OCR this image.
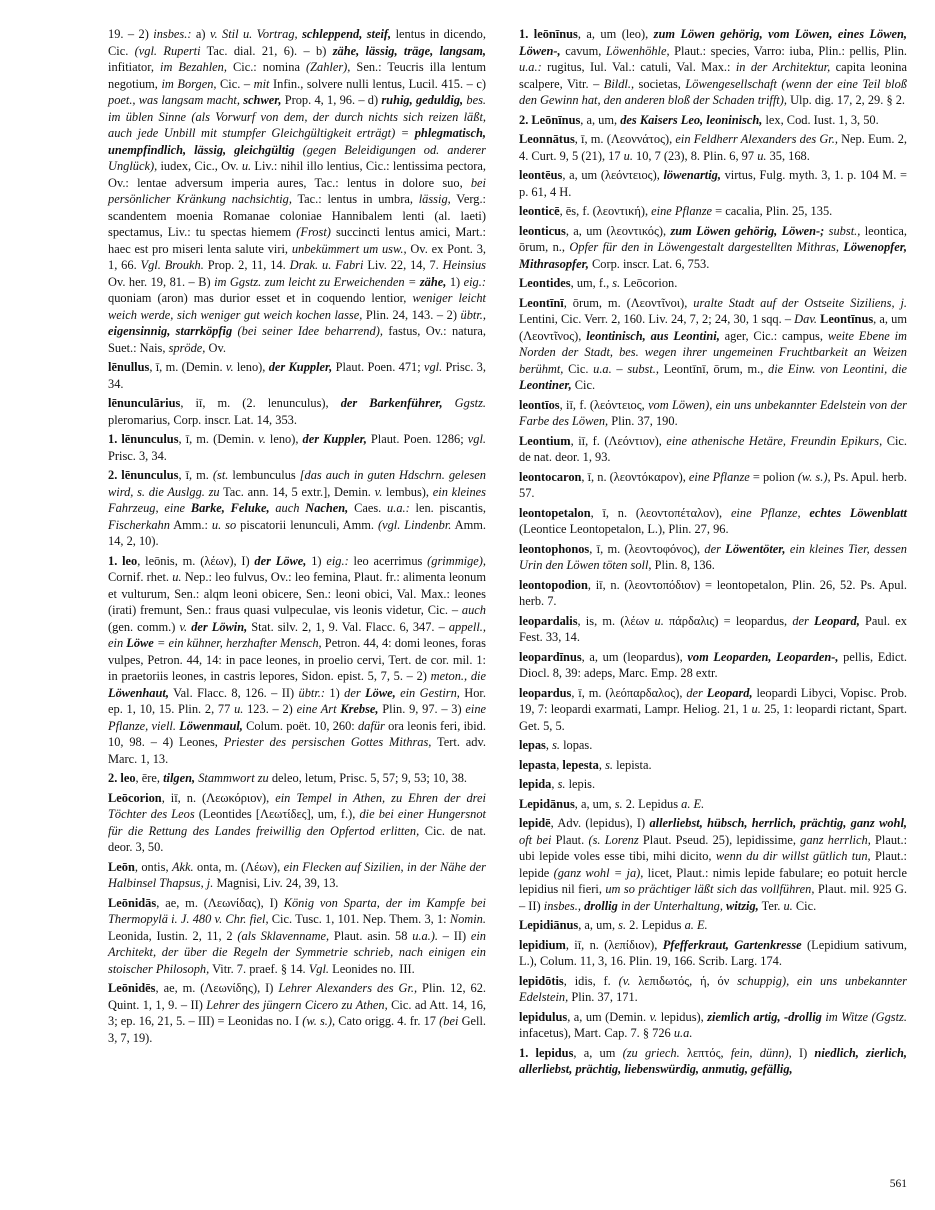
19. – 2) insbes.: a) v. Stil u. Vortrag, schleppend, steif, lentus in dicendo, Cic. (vgl. Ruperti Tac. dial. 21, 6). – b) zähe, lässig, träge, langsam, infitiator, im Bezahlen, Cic.: nomina (Zahler), Sen.: Teucris illa lentum negotium, im Borgen, Cic. – mit Infin., solvere nulli lentus, Lucil. 415. – c) poet., was langsam macht, schwer, Prop. 4, 1, 96. – d) ruhig, geduldig, bes. im üblen Sinne (als Vorwurf von dem, der durch nichts sich reizen läßt, auch jede Unbill mit stumpfer Gleichgültigkeit erträgt) = phlegmatisch, unempfindlich, lässig, gleichgültig (gegen Beleidigungen od. anderer Unglück), iudex, Cic., Ov. u. Liv.: nihil illo lentius, Cic.: lentissima pectora, Ov.: lentae adversum imperia aures, Tac.: lentus in dolore suo, bei persönlicher Kränkung nachsichtig, Tac.: lentus in umbra, lässig, Verg.: scandentem moenia Romanae coloniae Hannibalem lenti (al. laeti) spectamus, Liv.: tu spectas hiemem (Frost) succincti lentus amici, Mart.: haec est pro miseri lenta salute viri, unbekümmert um usw., Ov. ex Pont. 3, 1, 66. Vgl. Broukh. Prop. 2, 11, 14. Drak. u. Fabri Liv. 22, 14, 7. Heinsius Ov. her. 19, 81. – B) im Ggstz. zum leicht zu Erweichenden = zähe, 1) eig.: quoniam (aron) mas durior esset et in coquendo lentior, weniger leicht weich werde, sich weniger gut weich kochen lasse, Plin. 24, 143. – 2) übtr., eigensinnig, starrköpfig (bei seiner Idee beharrend), fastus, Ov.: natura, Suet.: Nais, spröde, Ov.
lēnullus, ī, m. (Demin. v. leno), der Kuppler, Plaut. Poen. 471; vgl. Prisc. 3, 34.
lēnunculārius, iī, m. (2. lenunculus), der Barkenführer, Ggstz. pleromarius, Corp. inscr. Lat. 14, 353.
1. lēnunculus, ī, m. (Demin. v. leno), der Kuppler, Plaut. Poen. 1286; vgl. Prisc. 3, 34.
2. lēnunculus, ī, m. (st. lembunculus [das auch in guten Hdschrn. gelesen wird, s. die Auslgg. zu Tac. ann. 14, 5 extr.], Demin. v. lembus), ein kleines Fahrzeug, eine Barke, Feluke, auch Nachen, Caes. u.a.: len. piscantis, Fischerkahn Amm.: u. so piscatorii lenunculi, Amm. (vgl. Lindenbr. Amm. 14, 2, 10).
1. leo, leōnis, m. (λέων), I) der Löwe, 1) eig.: leo acerrimus (grimmige), Cornif. rhet. u. Nep.: leo fulvus, Ov.: leo femina, Plaut. fr.: alimenta leonum et vulturum, Sen.: alqm leoni obicere, Sen.: leoni obici, Val. Max.: leones (irati) fremunt, Sen.: fraus quasi vulpeculae, vis leonis videtur, Cic. – auch (gen. comm.) v. der Löwin, Stat. silv. 2, 1, 9. Val. Flacc. 6, 347. – appell., ein Löwe = ein kühner, herzhafter Mensch, Petron. 44, 4: domi leones, foras vulpes, Petron. 44, 14: in pace leones, in proelio cervi, Tert. de cor. mil. 1: in praetoriis leones, in castris lepores, Sidon. epist. 5, 7, 5. – 2) meton., die Löwenhaut, Val. Flacc. 8, 126. – II) übtr.: 1) der Löwe, ein Gestirn, Hor. ep. 1, 10, 15. Plin. 2, 77 u. 123. – 2) eine Art Krebse, Plin. 9, 97. – 3) eine Pflanze, viell. Löwenmaul, Colum. poët. 10, 260: dafür ora leonis feri, ibid. 10, 98. – 4) Leones, Priester des persischen Gottes Mithras, Tert. adv. Marc. 1, 13.
2. leo, ēre, tilgen, Stammwort zu deleo, letum, Prisc. 5, 57; 9, 53; 10, 38.
Leōcorion, iī, n. (Λεωκόριον), ein Tempel in Athen, zu Ehren der drei Töchter des Leos (Leontides [Λεωτίδες], um, f.), die bei einer Hungersnot für die Rettung des Landes freiwillig den Opfertod erlitten, Cic. de nat. deor. 3, 50.
Leōn, ontis, Akk. onta, m. (Λέων), ein Flecken auf Sizilien, in der Nähe der Halbinsel Thapsus, j. Magnisi, Liv. 24, 39, 13.
Leōnidās, ae, m. (Λεωνίδας), I) König von Sparta, der im Kampfe bei Thermopylä i. J. 480 v. Chr. fiel, Cic. Tusc. 1, 101. Nep. Them. 3, 1: Nomin. Leonida, Iustin. 2, 11, 2 (als Sklavenname, Plaut. asin. 58 u.a.). – II) ein Architekt, der über die Regeln der Symmetrie schrieb, nach einigen ein stoischer Philosoph, Vitr. 7. praef. § 14. Vgl. Leonides no. III.
Leōnidēs, ae, m. (Λεωνίδης), I) Lehrer Alexanders des Gr., Plin. 12, 62. Quint. 1, 1, 9. – II) Lehrer des jüngern Cicero zu Athen, Cic. ad Att. 14, 16, 3; ep. 16, 21, 5. – III) = Leonidas no. I (w. s.), Cato origg. 4. fr. 17 (bei Gell. 3, 7, 19).
1. leōnīnus, a, um (leo), zum Löwen gehörig, vom Löwen, eines Löwen, Löwen-, cavum, Löwenhöhle, Plaut.: species, Varro: iuba, Plin.: pellis, Plin. u.a.: rugitus, Iul. Val.: catuli, Val. Max.: in der Architektur, capita leonina scalpere, Vitr. – Bildl., societas, Löwengesellschaft (wenn der eine Teil bloß den Gewinn hat, den anderen bloß der Schaden trifft), Ulp. dig. 17, 2, 29. § 2.
2. Leōnīnus, a, um, des Kaisers Leo, leoninisch, lex, Cod. Iust. 1, 3, 50.
Leonnātus, ī, m. (Λεοννάτος), ein Feldherr Alexanders des Gr., Nep. Eum. 2, 4. Curt. 9, 5 (21), 17 u. 10, 7 (23), 8. Plin. 6, 97 u. 35, 168.
leontēus, a, um (λεόντειος), löwenartig, virtus, Fulg. myth. 3, 1. p. 104 M. = p. 61, 4 H.
leonticē, ēs, f. (λεοντική), eine Pflanze = cacalia, Plin. 25, 135.
leonticus, a, um (λεοντικός), zum Löwen gehörig, Löwen-; subst., leontica, ōrum, n., Opfer für den in Löwengestalt dargestellten Mithras, Löwenopfer, Mithrasopfer, Corp. inscr. Lat. 6, 753.
Leontides, um, f., s. Leōcorion.
Leontīnī, ōrum, m. (Λεοντῖνοι), uralte Stadt auf der Ostseite Siziliens, j. Lentini, Cic. Verr. 2, 160. Liv. 24, 7, 2; 24, 30, 1 sqq. – Dav. Leontīnus, a, um (Λεοντῖνος), leontinisch, aus Leontini, ager, Cic.: campus, weite Ebene im Norden der Stadt, bes. wegen ihrer ungemeinen Fruchtbarkeit an Weizen berühmt, Cic. u.a. – subst., Leontīnī, ōrum, m., die Einw. von Leontini, die Leontiner, Cic.
leontīos, iī, f. (λεόντειος, vom Löwen), ein uns unbekannter Edelstein von der Farbe des Löwen, Plin. 37, 190.
Leontium, iī, f. (Λεόντιον), eine athenische Hetäre, Freundin Epikurs, Cic. de nat. deor. 1, 93.
leontocaron, ī, n. (λεοντόκαρον), eine Pflanze = polion (w. s.), Ps. Apul. herb. 57.
leontopetalon, ī, n. (λεοντοπέταλον), eine Pflanze, echtes Löwenblatt (Leontice Leontopetalon, L.), Plin. 27, 96.
leontophonos, ī, m. (λεοντοφόνος), der Löwentöter, ein kleines Tier, dessen Urin den Löwen töten soll, Plin. 8, 136.
leontopodion, iī, n. (λεοντοπόδιον) = leontopetalon, Plin. 26, 52. Ps. Apul. herb. 7.
leopardalis, is, m. (λέων u. πάρδαλις) = leopardus, der Leopard, Paul. ex Fest. 33, 14.
leopardīnus, a, um (leopardus), vom Leoparden, Leoparden-, pellis, Edict. Diocl. 8, 39: adeps, Marc. Emp. 28 extr.
leopardus, ī, m. (λεόπαρδαλος), der Leopard, leopardi Libyci, Vopisc. Prob. 19, 7: leopardi exarmati, Lampr. Heliog. 21, 1 u. 25, 1: leopardi rictant, Spart. Get. 5, 5.
lepas, s. lopas.
lepasta, lepesta, s. lepista.
lepida, s. lepis.
Lepidānus, a, um, s. 2. Lepidus a. E.
lepidē, Adv. (lepidus), I) allerliebst, hübsch, herrlich, prächtig, ganz wohl, oft bei Plaut. (s. Lorenz Plaut. Pseud. 25), lepidissime, ganz herrlich, Plaut.: ubi lepide voles esse tibi, mihi dicito, wenn du dir willst gütlich tun, Plaut.: lepide (ganz wohl = ja), licet, Plaut.: nimis lepide fabulare; eo potuit hercle lepidius nil fieri, um so prächtiger läßt sich das vollführen, Plaut. mil. 925 G. – II) insbes., drollig in der Unterhaltung, witzig, Ter. u. Cic.
Lepidiānus, a, um, s. 2. Lepidus a. E.
lepidium, iī, n. (λεπίδιον), Pfefferkraut, Gartenkresse (Lepidium sativum, L.), Colum. 11, 3, 16. Plin. 19, 166. Scrib. Larg. 174.
lepidōtis, idis, f. (v. λεπιδωτός, ή, όν schuppig), ein uns unbekannter Edelstein, Plin. 37, 171.
lepidulus, a, um (Demin. v. lepidus), ziemlich artig, -drollig im Witze (Ggstz. infacetus), Mart. Cap. 7. § 726 u.a.
1. lepidus, a, um (zu griech. λεπτός, fein, dünn), I) niedlich, zierlich, allerliebst, prächtig, liebenswürdig, anmutig, gefällig,
561
